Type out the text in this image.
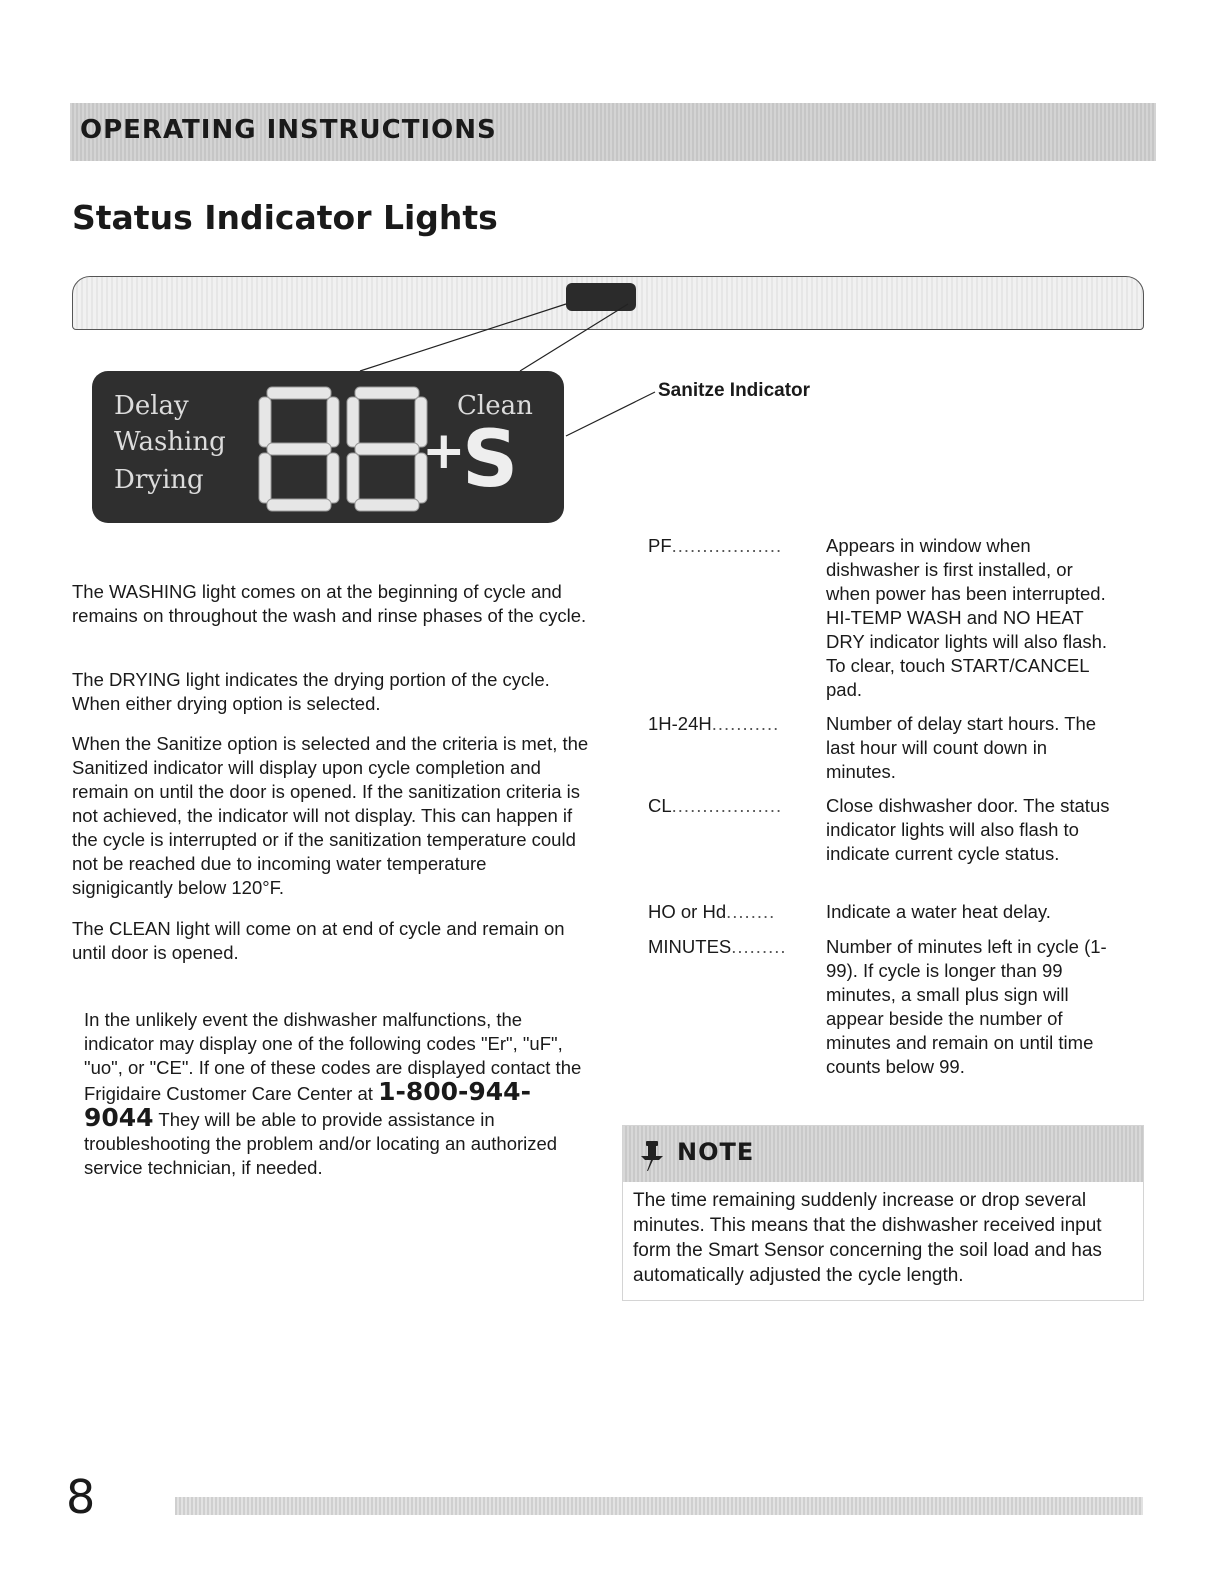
OPERATING INSTRUCTIONS
Status Indicator Lights
Delay
Washing
Drying
Clean
+
S
Sanitze Indicator

The WASHING light comes on at the beginning of cycle and remains on throughout the wash and rinse phases of the cycle.

The DRYING light indicates the drying portion of the cycle. When either drying option is selected.

When the Sanitize option is selected and the criteria is met, the Sanitized indicator will display upon cycle completion and remain on until the door is opened. If the sanitization criteria is not achieved, the indicator will not display. This can happen if the cycle is interrupted or if the sanitization temperature could not be reached due to incoming water temperature signigicantly below 120°F.

The CLEAN light will come on at end of cycle and remain on until door is opened.

In the unlikely event the dishwasher malfunctions, the indicator may display one of the following codes "Er", "uF", "uo", or "CE". If one of these codes are displayed contact the Frigidaire Customer Care Center at 1-800-944-9044 They will be able to provide assistance in troubleshooting the problem and/or locating an authorized service technician, if needed.
PF..................	Appears in window when dishwasher is first installed, or when power has been interrupted. HI-TEMP WASH and NO HEAT DRY indicator lights will also flash. To clear, touch START/CANCEL pad.
1H-24H...........	Number of delay start hours. The last hour will count down in minutes.
CL..................	Close dishwasher door. The status indicator lights will also flash to indicate current cycle status.
HO or Hd........	Indicate a water heat delay.
MINUTES.........	Number of minutes left in cycle (1-99). If cycle is longer than 99 minutes, a small plus sign will appear beside the number of minutes and remain on until time counts below 99.
NOTE
The time remaining suddenly increase or drop several minutes. This means that the dishwasher received input form the Smart Sensor concerning the soil load and has automatically adjusted the cycle length.
8
